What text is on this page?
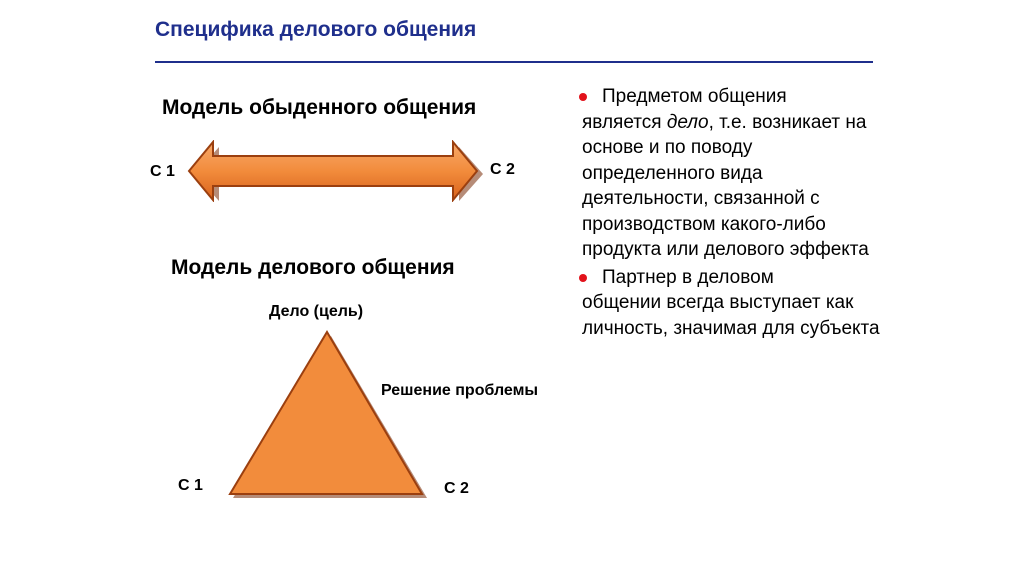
Специфика делового общения
Модель обыденного общения
С 1	С 2
Модель делового общения
Дело (цель)
Решение проблемы
С 1	С 2
Предметом общения
является дело, т.е. возникает на основе и по поводу определенного вида деятельности, связанной с производством какого-либо продукта или делового эффекта
Партнер в деловом
общении всегда выступает как личность, значимая для субъекта
